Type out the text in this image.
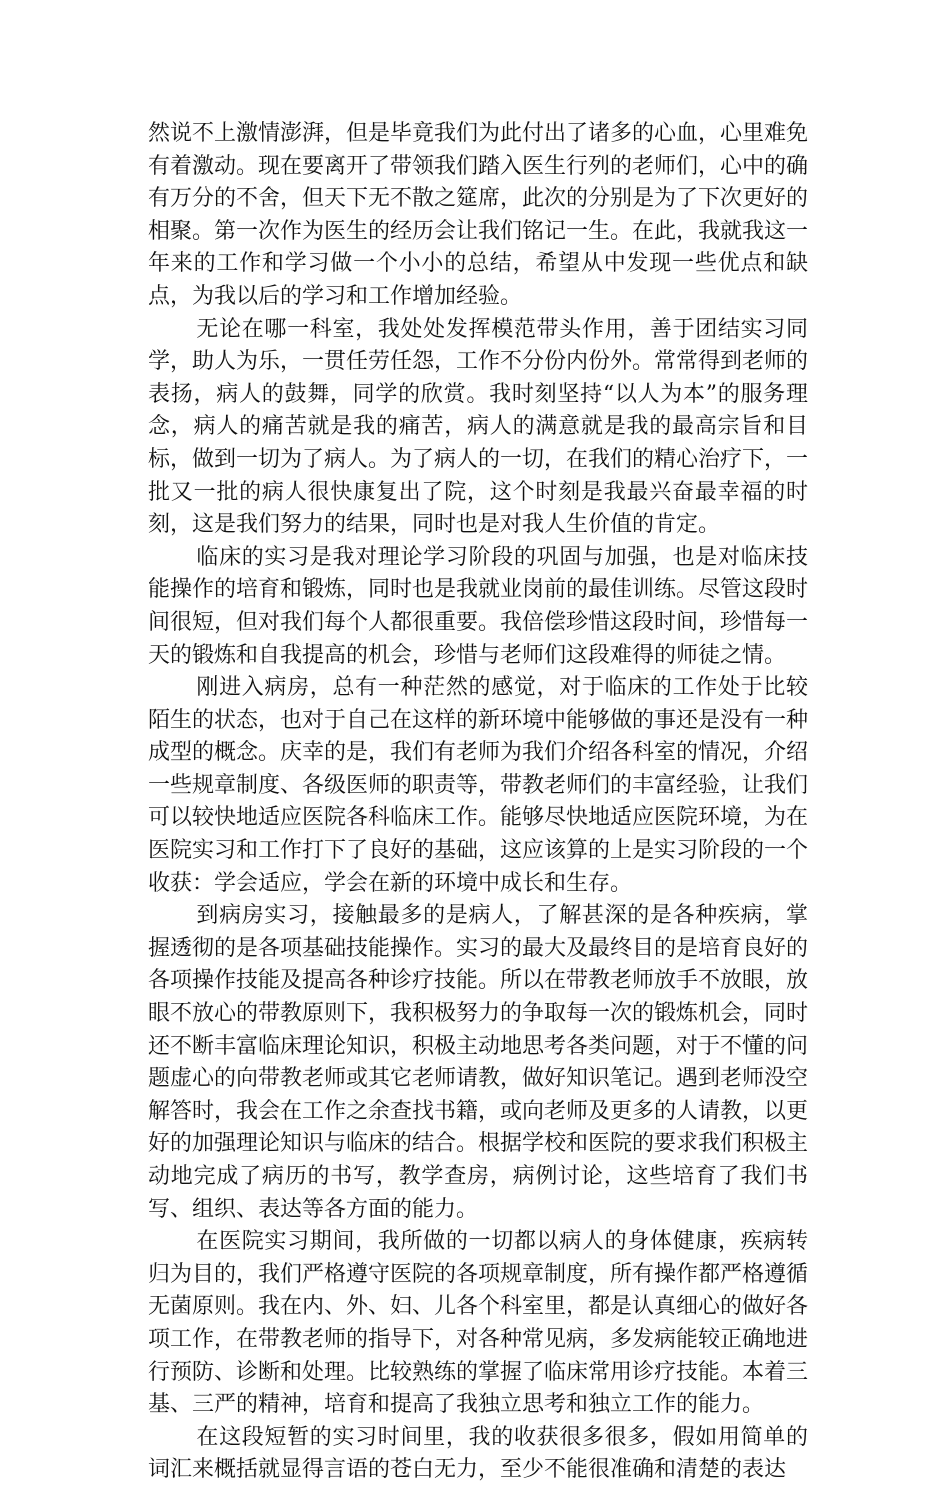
然说不上激情澎湃，但是毕竟我们为此付出了诸多的心血，心里难免有着激动。现在要离开了带领我们踏入医生行列的老师们，心中的确有万分的不舍，但天下无不散之筵席，此次的分别是为了下次更好的相聚。第一次作为医生的经历会让我们铭记一生。在此，我就我这一年来的工作和学习做一个小小的总结，希望从中发现一些优点和缺点，为我以后的学习和工作增加经验。

无论在哪一科室，我处处发挥模范带头作用，善于团结实习同学，助人为乐，一贯任劳任怨，工作不分份内份外。常常得到老师的表扬，病人的鼓舞，同学的欣赏。我时刻坚持“以人为本”的服务理念，病人的痛苦就是我的痛苦，病人的满意就是我的最高宗旨和目标，做到一切为了病人。为了病人的一切，在我们的精心治疗下，一批又一批的病人很快康复出了院，这个时刻是我最兴奋最幸福的时刻，这是我们努力的结果，同时也是对我人生价值的肯定。

临床的实习是我对理论学习阶段的巩固与加强，也是对临床技能操作的培育和锻炼，同时也是我就业岗前的最佳训练。尽管这段时间很短，但对我们每个人都很重要。我倍偿珍惜这段时间，珍惜每一天的锻炼和自我提高的机会，珍惜与老师们这段难得的师徒之情。

刚进入病房，总有一种茫然的感觉，对于临床的工作处于比较陌生的状态，也对于自己在这样的新环境中能够做的事还是没有一种成型的概念。庆幸的是，我们有老师为我们介绍各科室的情况，介绍一些规章制度、各级医师的职责等，带教老师们的丰富经验，让我们可以较快地适应医院各科临床工作。能够尽快地适应医院环境，为在医院实习和工作打下了良好的基础，这应该算的上是实习阶段的一个收获：学会适应，学会在新的环境中成长和生存。

到病房实习，接触最多的是病人，了解甚深的是各种疾病，掌握透彻的是各项基础技能操作。实习的最大及最终目的是培育良好的各项操作技能及提高各种诊疗技能。所以在带教老师放手不放眼，放眼不放心的带教原则下，我积极努力的争取每一次的锻炼机会，同时还不断丰富临床理论知识，积极主动地思考各类问题，对于不懂的问题虚心的向带教老师或其它老师请教，做好知识笔记。遇到老师没空解答时，我会在工作之余查找书籍，或向老师及更多的人请教，以更好的加强理论知识与临床的结合。根据学校和医院的要求我们积极主动地完成了病历的书写，教学查房，病例讨论，这些培育了我们书写、组织、表达等各方面的能力。

在医院实习期间，我所做的一切都以病人的身体健康，疾病转归为目的，我们严格遵守医院的各项规章制度，所有操作都严格遵循无菌原则。我在内、外、妇、儿各个科室里，都是认真细心的做好各项工作，在带教老师的指导下，对各种常见病，多发病能较正确地进行预防、诊断和处理。比较熟练的掌握了临床常用诊疗技能。本着三基、三严的精神，培育和提高了我独立思考和独立工作的能力。

在这段短暂的实习时间里，我的收获很多很多，假如用简单的词汇来概括就显得言语的苍白无力，至少不能很准确和清楚的表达
